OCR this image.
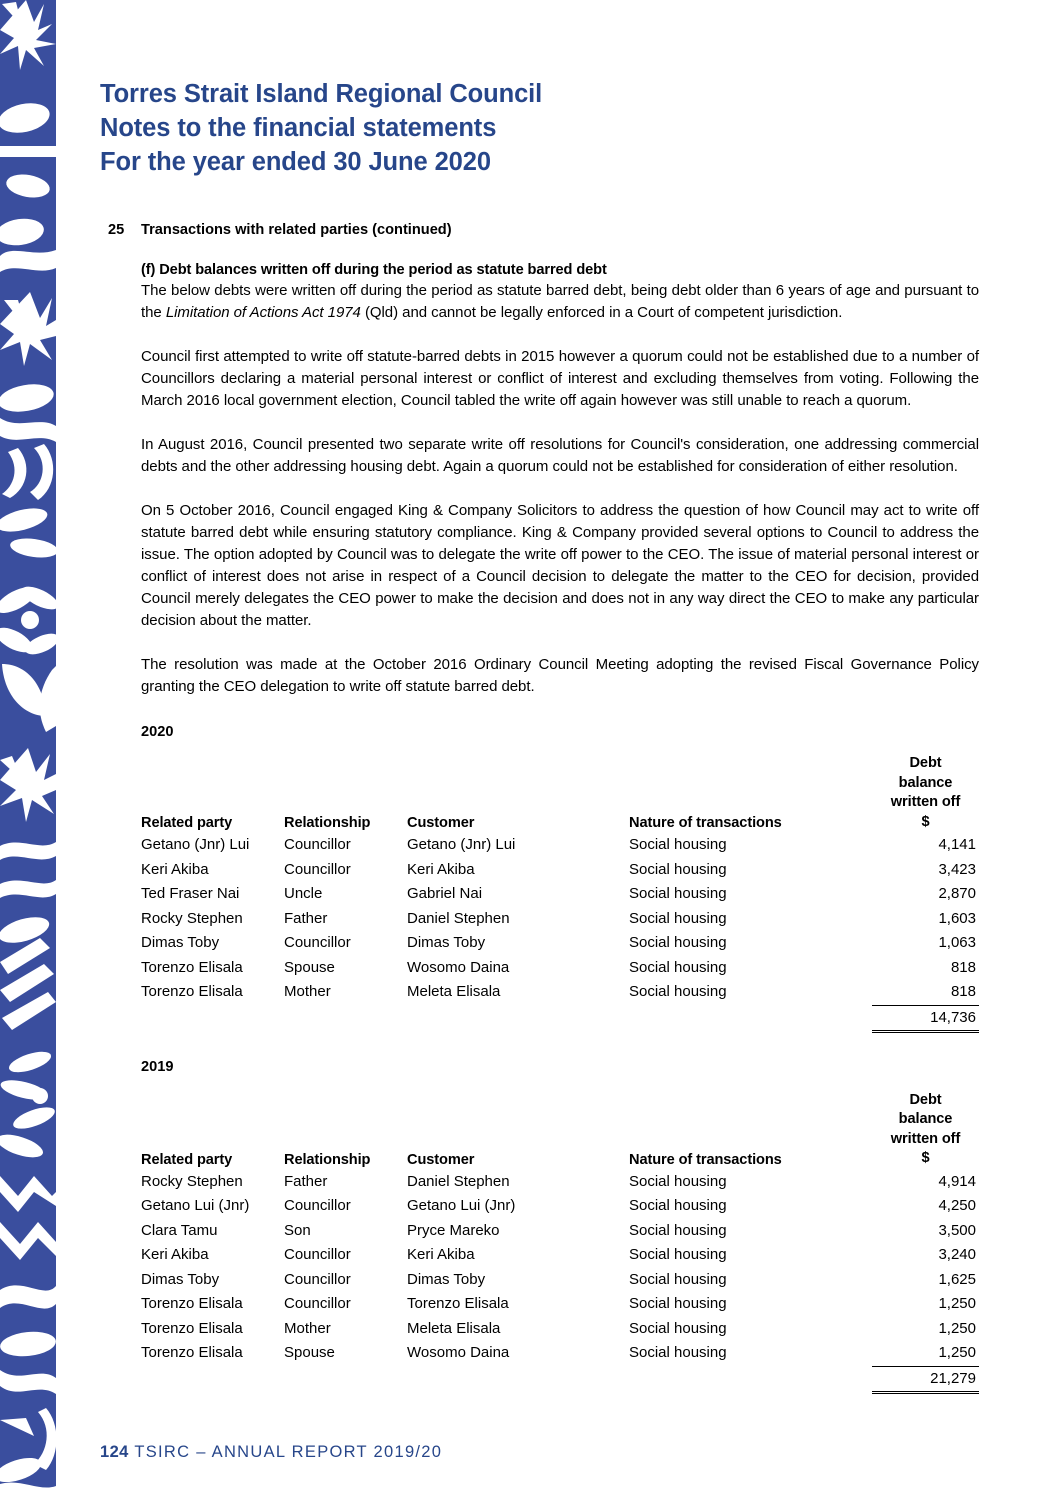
Torres Strait Island Regional Council
Notes to the financial statements
For the year ended 30 June 2020
25	Transactions with related parties (continued)
(f) Debt balances written off during the period as statute barred debt

The below debts were written off during the period as statute barred debt, being debt older than 6 years of age and pursuant to the Limitation of Actions Act 1974 (Qld) and cannot be legally enforced in a Court of competent jurisdiction.

Council first attempted to write off statute-barred debts in 2015 however a quorum could not be established due to a number of Councillors declaring a material personal interest or conflict of interest and excluding themselves from voting. Following the March 2016 local government election, Council tabled the write off again however was still unable to reach a quorum.

In August 2016, Council presented two separate write off resolutions for Council's consideration, one addressing commercial debts and the other addressing housing debt. Again a quorum could not be established for consideration of either resolution.

On 5 October 2016, Council engaged King & Company Solicitors to address the question of how Council may act to write off statute barred debt while ensuring statutory compliance. King & Company provided several options to Council to address the issue. The option adopted by Council was to delegate the write off power to the CEO. The issue of material personal interest or conflict of interest does not arise in respect of a Council decision to delegate the matter to the CEO for decision, provided Council merely delegates the CEO power to make the decision and does not in any way direct the CEO to make any particular decision about the matter.

The resolution was made at the October 2016 Ordinary Council Meeting adopting the revised Fiscal Governance Policy granting the CEO delegation to write off statute barred debt.

2020
Related party	Relationship	Customer	Nature of transactions	Debt
balance
written off
$
Getano (Jnr) Lui	Councillor	Getano (Jnr) Lui	Social housing	4,141
Keri Akiba	Councillor	Keri Akiba	Social housing	3,423
Ted Fraser Nai	Uncle	Gabriel Nai	Social housing	2,870
Rocky Stephen	Father	Daniel Stephen	Social housing	1,603
Dimas Toby	Councillor	Dimas Toby	Social housing	1,063
Torenzo Elisala	Spouse	Wosomo Daina	Social housing	818
Torenzo Elisala	Mother	Meleta Elisala	Social housing	818
				14,736
2019
Related party	Relationship	Customer	Nature of transactions	Debt
balance
written off
$
Rocky Stephen	Father	Daniel Stephen	Social housing	4,914
Getano Lui (Jnr)	Councillor	Getano Lui (Jnr)	Social housing	4,250
Clara Tamu	Son	Pryce Mareko	Social housing	3,500
Keri Akiba	Councillor	Keri Akiba	Social housing	3,240
Dimas Toby	Councillor	Dimas Toby	Social housing	1,625
Torenzo Elisala	Councillor	Torenzo Elisala	Social housing	1,250
Torenzo Elisala	Mother	Meleta Elisala	Social housing	1,250
Torenzo Elisala	Spouse	Wosomo Daina	Social housing	1,250
				21,279
124 TSIRC – ANNUAL REPORT 2019/20
